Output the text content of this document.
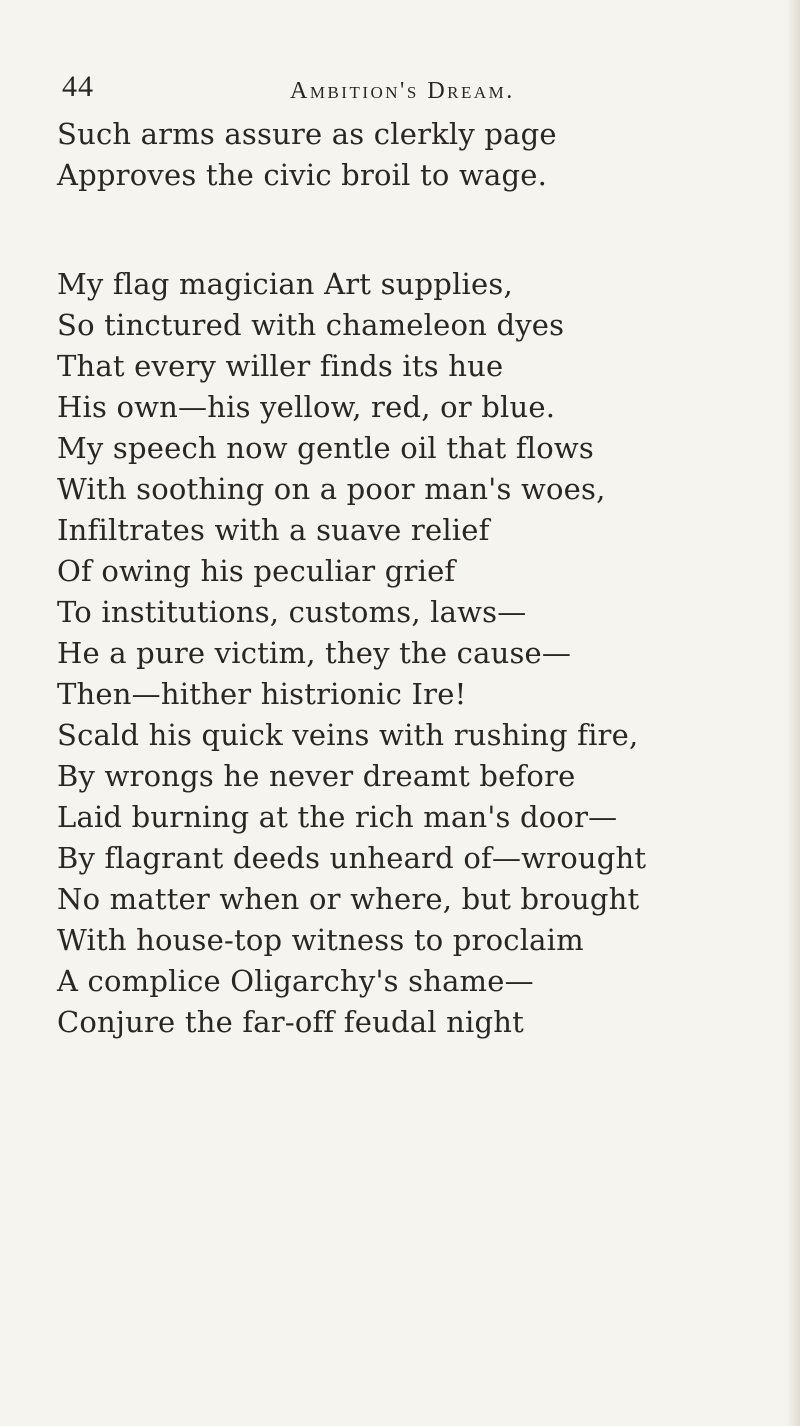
44	Ambition's Dream.
Such arms assure as clerkly page
Approves the civic broil to wage.
My flag magician Art supplies,
So tinctured with chameleon dyes
That every willer finds its hue
His own—his yellow, red, or blue.
My speech now gentle oil that flows
With soothing on a poor man's woes,
Infiltrates with a suave relief
Of owing his peculiar grief
To institutions, customs, laws—
He a pure victim, they the cause—
Then—hither histrionic Ire!
Scald his quick veins with rushing fire,
By wrongs he never dreamt before
Laid burning at the rich man's door—
By flagrant deeds unheard of—wrought
No matter when or where, but brought
With house-top witness to proclaim
A complice Oligarchy's shame—
Conjure the far-off feudal night
